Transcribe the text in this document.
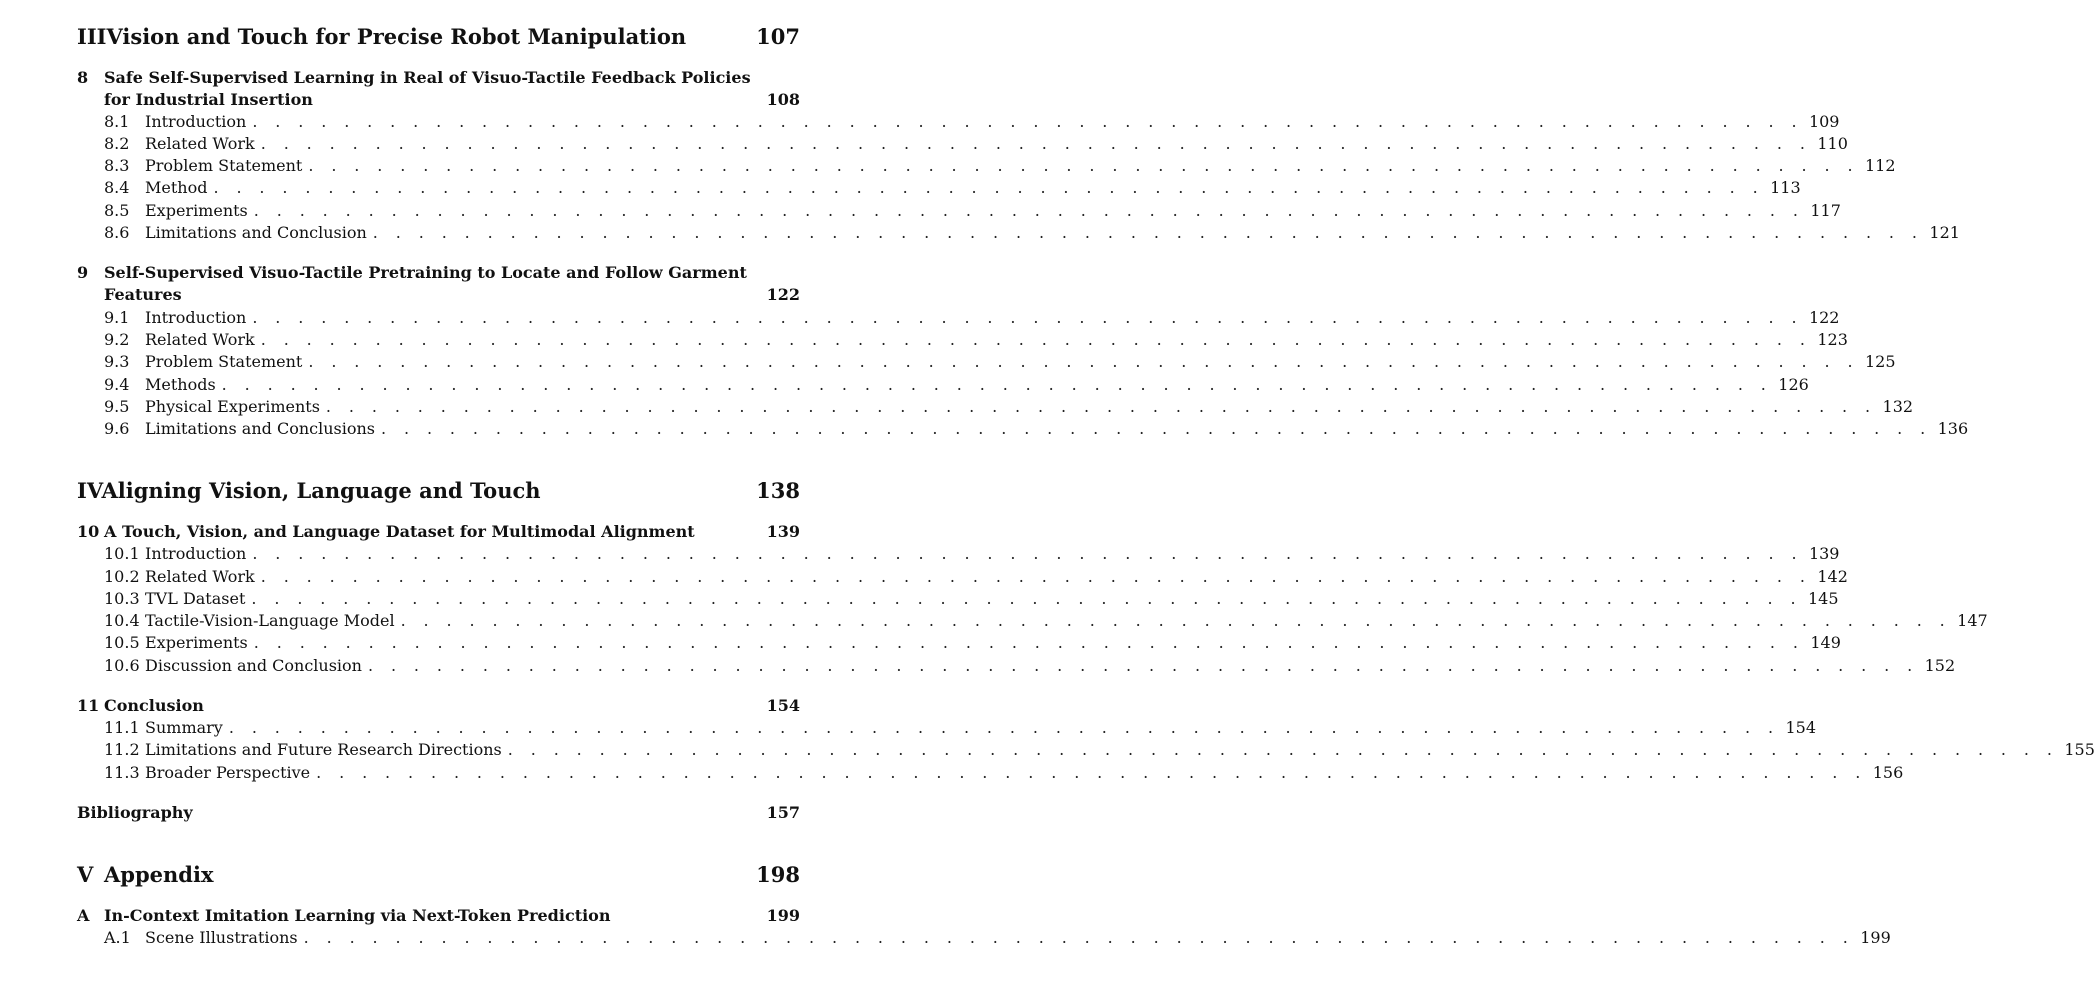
IIIVision and Touch for Precise Robot Manipulation	107
8 Safe Self-Supervised Learning in Real of Visuo-Tactile Feedback Policies
for Industrial Insertion	108
8.1 Introduction . . . . . . . . . . . . . . . . . . . . . . . . . . . . . . . . . . . . . . . . . . . . . . . . . . . . . . . . . . . . . . . . . . . . 109
8.2 Related Work . . . . . . . . . . . . . . . . . . . . . . . . . . . . . . . . . . . . . . . . . . . . . . . . . . . . . . . . . . . . . . . . . . . . 110
8.3 Problem Statement . . . . . . . . . . . . . . . . . . . . . . . . . . . . . . . . . . . . . . . . . . . . . . . . . . . . . . . . . . . . . . . . . . . . 112
8.4 Method . . . . . . . . . . . . . . . . . . . . . . . . . . . . . . . . . . . . . . . . . . . . . . . . . . . . . . . . . . . . . . . . . . . . 113
8.5 Experiments . . . . . . . . . . . . . . . . . . . . . . . . . . . . . . . . . . . . . . . . . . . . . . . . . . . . . . . . . . . . . . . . . . . . 117
8.6 Limitations and Conclusion . . . . . . . . . . . . . . . . . . . . . . . . . . . . . . . . . . . . . . . . . . . . . . . . . . . . . . . . . . . . . . . . . . . . 121
9 Self-Supervised Visuo-Tactile Pretraining to Locate and Follow Garment
Features	122
9.1 Introduction . . . . . . . . . . . . . . . . . . . . . . . . . . . . . . . . . . . . . . . . . . . . . . . . . . . . . . . . . . . . . . . . . . . . 122
9.2 Related Work . . . . . . . . . . . . . . . . . . . . . . . . . . . . . . . . . . . . . . . . . . . . . . . . . . . . . . . . . . . . . . . . . . . . 123
9.3 Problem Statement . . . . . . . . . . . . . . . . . . . . . . . . . . . . . . . . . . . . . . . . . . . . . . . . . . . . . . . . . . . . . . . . . . . . 125
9.4 Methods . . . . . . . . . . . . . . . . . . . . . . . . . . . . . . . . . . . . . . . . . . . . . . . . . . . . . . . . . . . . . . . . . . . . 126
9.5 Physical Experiments . . . . . . . . . . . . . . . . . . . . . . . . . . . . . . . . . . . . . . . . . . . . . . . . . . . . . . . . . . . . . . . . . . . . 132
9.6 Limitations and Conclusions . . . . . . . . . . . . . . . . . . . . . . . . . . . . . . . . . . . . . . . . . . . . . . . . . . . . . . . . . . . . . . . . . . . . 136
IVAligning Vision, Language and Touch	138
10 A Touch, Vision, and Language Dataset for Multimodal Alignment	139
10.1 Introduction . . . . . . . . . . . . . . . . . . . . . . . . . . . . . . . . . . . . . . . . . . . . . . . . . . . . . . . . . . . . . . . . . . . . 139
10.2 Related Work . . . . . . . . . . . . . . . . . . . . . . . . . . . . . . . . . . . . . . . . . . . . . . . . . . . . . . . . . . . . . . . . . . . . 142
10.3 TVL Dataset . . . . . . . . . . . . . . . . . . . . . . . . . . . . . . . . . . . . . . . . . . . . . . . . . . . . . . . . . . . . . . . . . . . . 145
10.4 Tactile-Vision-Language Model . . . . . . . . . . . . . . . . . . . . . . . . . . . . . . . . . . . . . . . . . . . . . . . . . . . . . . . . . . . . . . . . . . . . 147
10.5 Experiments . . . . . . . . . . . . . . . . . . . . . . . . . . . . . . . . . . . . . . . . . . . . . . . . . . . . . . . . . . . . . . . . . . . . 149
10.6 Discussion and Conclusion . . . . . . . . . . . . . . . . . . . . . . . . . . . . . . . . . . . . . . . . . . . . . . . . . . . . . . . . . . . . . . . . . . . . 152
11 Conclusion	154
11.1 Summary . . . . . . . . . . . . . . . . . . . . . . . . . . . . . . . . . . . . . . . . . . . . . . . . . . . . . . . . . . . . . . . . . . . . 154
11.2 Limitations and Future Research Directions . . . . . . . . . . . . . . . . . . . . . . . . . . . . . . . . . . . . . . . . . . . . . . . . . . . . . . . . . . . . . . . . . . . . 155
11.3 Broader Perspective . . . . . . . . . . . . . . . . . . . . . . . . . . . . . . . . . . . . . . . . . . . . . . . . . . . . . . . . . . . . . . . . . . . . 156
Bibliography	157
V Appendix	198
A In-Context Imitation Learning via Next-Token Prediction	199
A.1 Scene Illustrations . . . . . . . . . . . . . . . . . . . . . . . . . . . . . . . . . . . . . . . . . . . . . . . . . . . . . . . . . . . . . . . . . . . . 199
